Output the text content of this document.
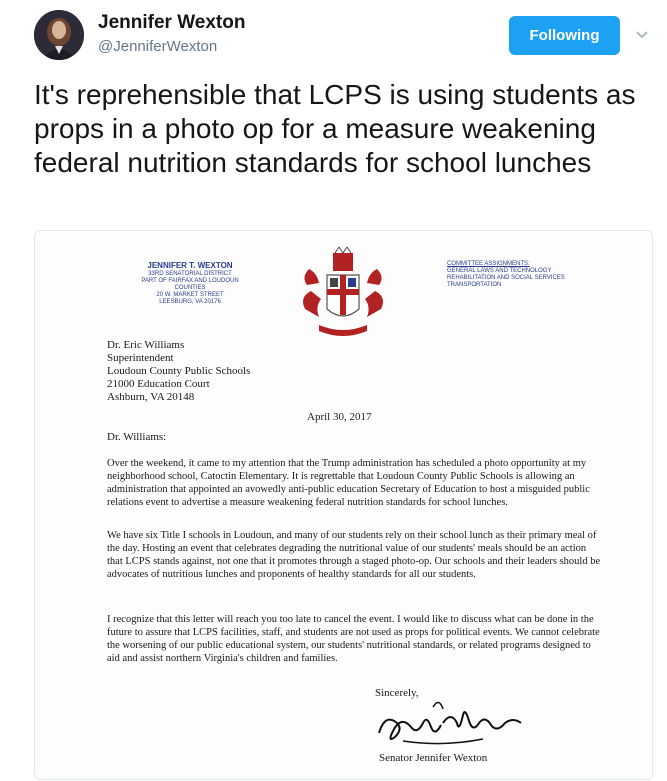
Jennifer Wexton
@JenniferWexton
Following

It's reprehensible that LCPS is using students as props in a photo op for a measure weakening federal nutrition standards for school lunches

JENNIFER T. WEXTON
33RD SENATORIAL DISTRICT
PART OF FAIRFAX AND LOUDOUN COUNTIES
20 W. MARKET STREET
LEESBURG, VA 20176
COMMITTEE ASSIGNMENTS:
GENERAL LAWS AND TECHNOLOGY
REHABILITATION AND SOCIAL SERVICES
TRANSPORTATION
Dr. Eric Williams
Superintendent
Loudoun County Public Schools
21000 Education Court
Ashburn, VA 20148
April 30, 2017
Dr. Williams:

Over the weekend, it came to my attention that the Trump administration has scheduled a photo opportunity at my neighborhood school, Catoctin Elementary. It is regrettable that Loudoun County Public Schools is allowing an administration that appointed an avowedly anti-public education Secretary of Education to host a misguided public relations event to advertise a measure weakening federal nutrition standards for school lunches.

We have six Title I schools in Loudoun, and many of our students rely on their school lunch as their primary meal of the day. Hosting an event that celebrates degrading the nutritional value of our students' meals should be an action that LCPS stands against, not one that it promotes through a staged photo-op. Our schools and their leaders should be advocates of nutritious lunches and proponents of healthy standards for all our students.

I recognize that this letter will reach you too late to cancel the event. I would like to discuss what can be done in the future to assure that LCPS facilities, staff, and students are not used as props for political events. We cannot celebrate the worsening of our public educational system, our students' nutritional standards, or related programs designed to aid and assist northern Virginia's children and families.

Sincerely,
Senator Jennifer Wexton
